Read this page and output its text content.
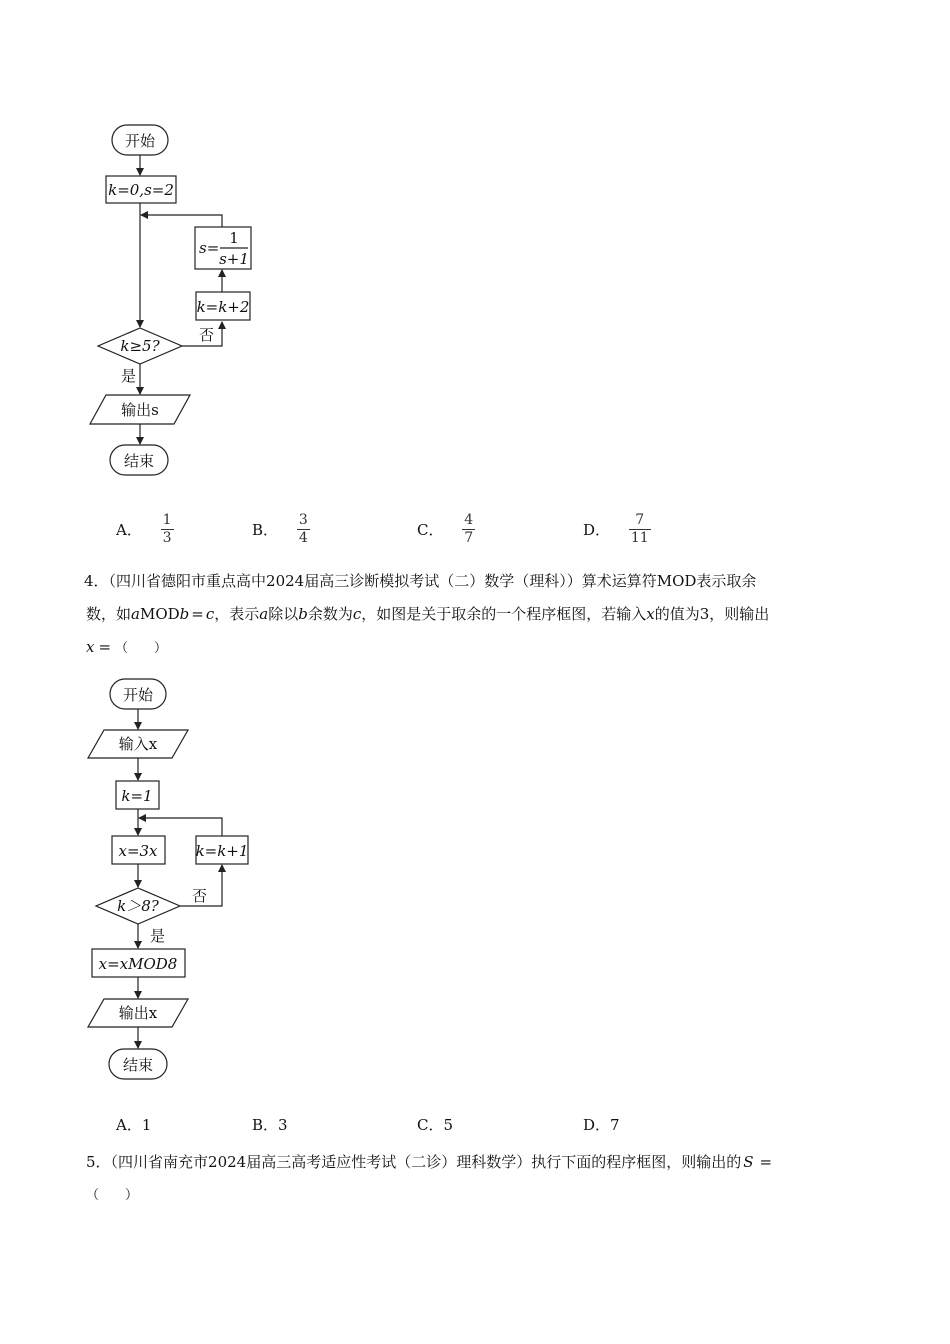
开始
k=0,s=2
k≥5?
否
k=k+2
s=
1
s+1
是
输出s
结束
开始
输入x
k=1
x=3x
k＞8?
否
k=k+1
是
x=xMOD8
输出x
结束
A． $\frac{1}{3}$	B． $\frac{3}{4}$	C． $\frac{4}{7}$	D． $\frac{7}{11}$
4．（四川省德阳市重点高中2024届高三诊断模拟考试（二）数学（理科））算术运算符MOD表示取余
数，如aMODb = c，表示a除以b余数为c，如图是关于取余的一个程序框图，若输入x的值为3，则输出
x = （　　）
A．1	B．3	C．5	D．7
5．（四川省南充市2024届高三高考适应性考试（二诊）理科数学）执行下面的程序框图，则输出的 S =
（　　）
